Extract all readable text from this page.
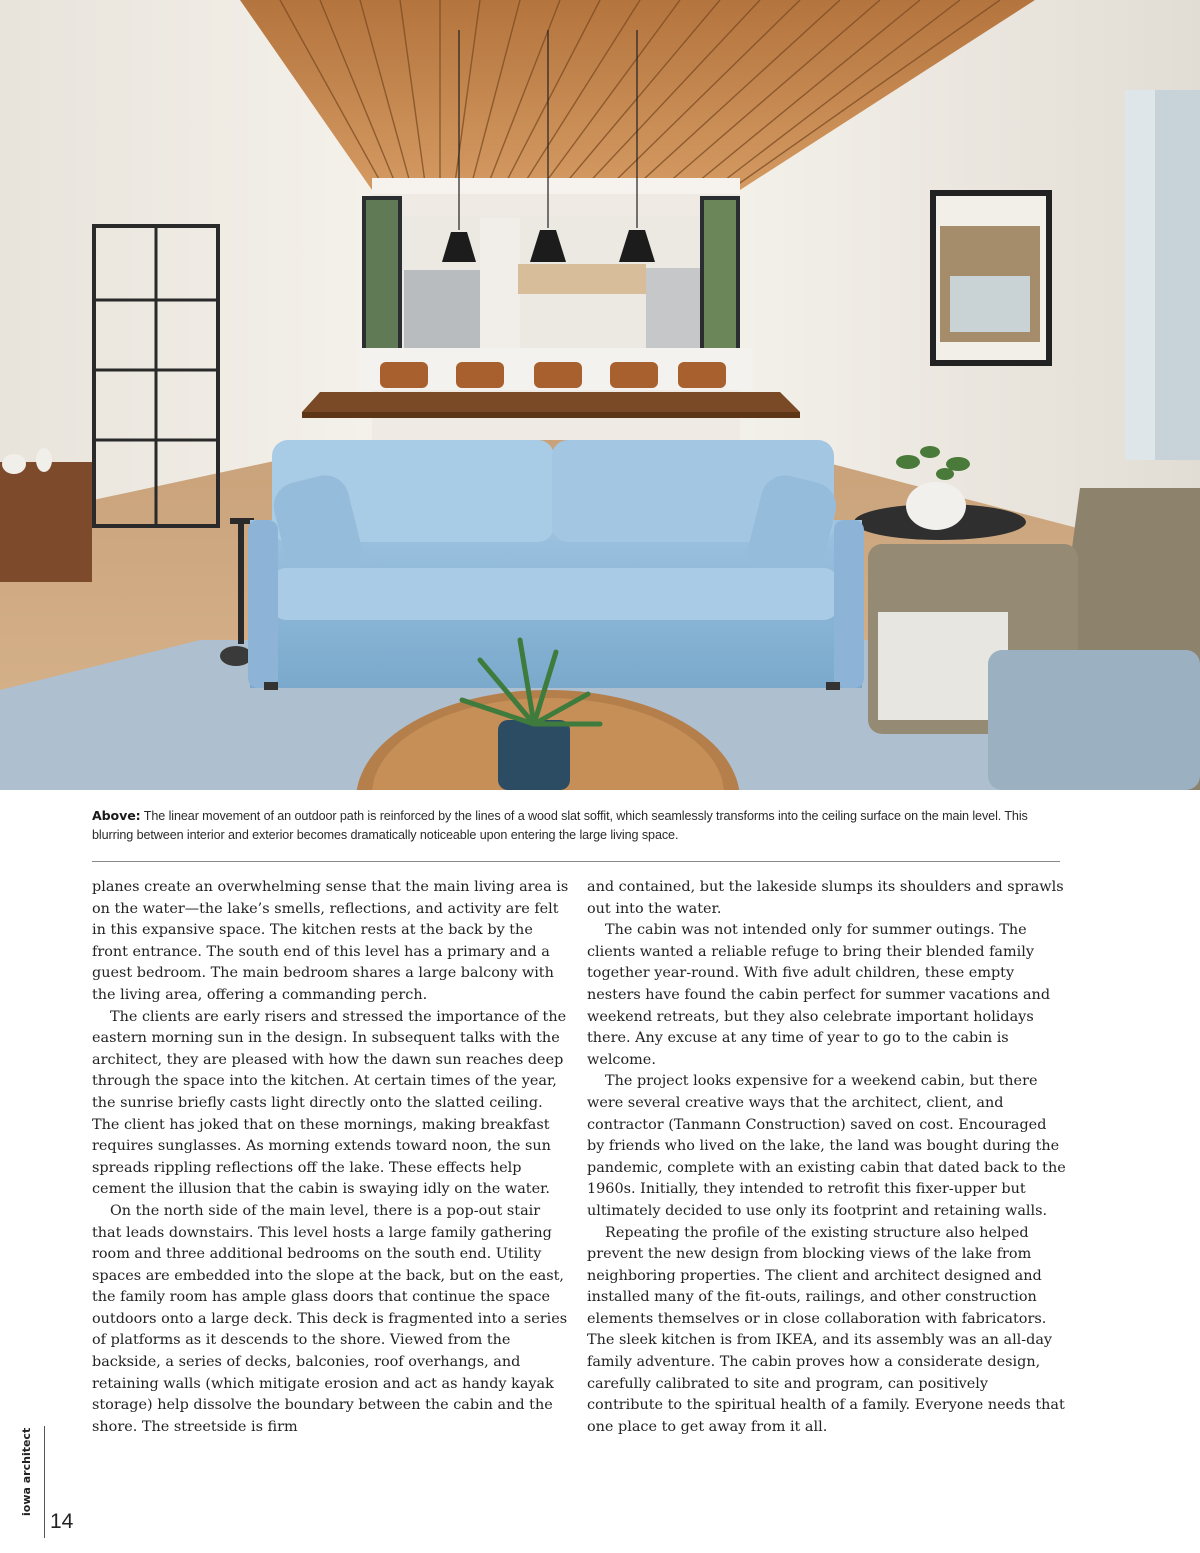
Above: The linear movement of an outdoor path is reinforced by the lines of a wood slat soffit, which seamlessly transforms into the ceiling surface on the main level. This blurring between interior and exterior becomes dramatically noticeable upon entering the large living space.

planes create an overwhelming sense that the main living area is on the water—the lake’s smells, reflections, and activity are felt in this expansive space. The kitchen rests at the back by the front entrance. The south end of this level has a primary and a guest bedroom. The main bedroom shares a large balcony with the living area, offering a commanding perch.

The clients are early risers and stressed the importance of the eastern morning sun in the design. In subsequent talks with the architect, they are pleased with how the dawn sun reaches deep through the space into the kitchen. At certain times of the year, the sunrise briefly casts light directly onto the slatted ceiling. The client has joked that on these mornings, making breakfast requires sunglasses. As morning extends toward noon, the sun spreads rippling reflections off the lake. These effects help cement the illusion that the cabin is swaying idly on the water.

On the north side of the main level, there is a pop-out stair that leads downstairs. This level hosts a large family gathering room and three additional bedrooms on the south end. Utility spaces are embedded into the slope at the back, but on the east, the family room has ample glass doors that continue the space outdoors onto a large deck. This deck is fragmented into a series of platforms as it descends to the shore. Viewed from the backside, a series of decks, balconies, roof overhangs, and retaining walls (which mitigate erosion and act as handy kayak storage) help dissolve the boundary between the cabin and the shore. The streetside is firm

and contained, but the lakeside slumps its shoulders and sprawls out into the water.

The cabin was not intended only for summer outings. The clients wanted a reliable refuge to bring their blended family together year-round. With five adult children, these empty nesters have found the cabin perfect for summer vacations and weekend retreats, but they also celebrate important holidays there. Any excuse at any time of year to go to the cabin is welcome.

The project looks expensive for a weekend cabin, but there were several creative ways that the architect, client, and contractor (Tanmann Construction) saved on cost. Encouraged by friends who lived on the lake, the land was bought during the pandemic, complete with an existing cabin that dated back to the 1960s. Initially, they intended to retrofit this fixer-upper but ultimately decided to use only its footprint and retaining walls.

Repeating the profile of the existing structure also helped prevent the new design from blocking views of the lake from neighboring properties. The client and architect designed and installed many of the fit-outs, railings, and other construction elements themselves or in close collaboration with fabricators. The sleek kitchen is from IKEA, and its assembly was an all-day family adventure. The cabin proves how a considerate design, carefully calibrated to site and program, can positively contribute to the spiritual health of a family. Everyone needs that one place to get away from it all.

iowa architect
14
